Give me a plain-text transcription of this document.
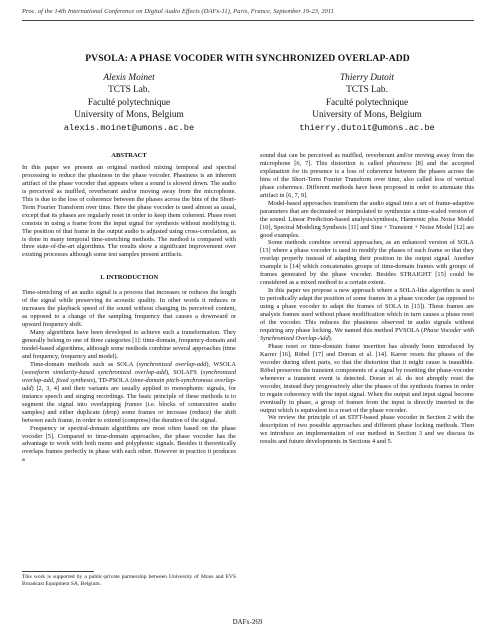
Proc. of the 14th International Conference on Digital Audio Effects (DAFx-11), Paris, France, September 19-23, 2011
PVSOLA: A PHASE VOCODER WITH SYNCHRONIZED OVERLAP-ADD
Alexis Moinet
TCTS Lab.
Faculté polytechnique
University of Mons, Belgium
alexis.moinet@umons.ac.be
Thierry Dutoit
TCTS Lab.
Faculté polytechnique
University of Mons, Belgium
thierry.dutoit@umons.ac.be

ABSTRACT

In this paper we present an original method mixing temporal and spectral processing to reduce the phasiness in the phase vocoder. Phasiness is an inherent artifact of the phase vocoder that appears when a sound is slowed down. The audio is perceived as muffled, reverberant and/or moving away from the microphone. This is due to the loss of coherence between the phases across the bins of the Short-Term Fourier Transform over time. Here the phase vocoder is used almost as usual, except that its phases are regularly reset in order to keep them coherent. Phase reset consists in using a frame from the input signal for synthesis without modifying it. The position of that frame in the output audio is adjusted using cross-correlation, as is done in many temporal time-stretching methods. The method is compared with three state-of-the-art algorithms. The results show a significant improvement over existing processes although some test samples present artifacts.

1. INTRODUCTION

Time-stretching of an audio signal is a process that increases or reduces the length of the signal while preserving its acoustic quality. In other words it reduces or increases the playback speed of the sound without changing its perceived content, as opposed to a change of the sampling frequency that causes a downward or upward frequency shift.

Many algorithms have been developed to achieve such a transformation. They generally belong to one of three categories [1]: time-domain, frequency-domain and model-based algorithms, although some methods combine several approaches (time and frequency, frequency and model).

Time-domain methods such as SOLA (synchronized overlap-add), WSOLA (waveform similarity-based synchronized overlap-add), SOLAFS (synchronized overlap-add, fixed synthesis), TD-PSOLA (time-domain pitch-synchronous overlap-add) [2, 3, 4] and their variants are usually applied to monophonic signals, for instance speech and singing recordings. The basic principle of these methods is to segment the signal into overlapping frames (i.e. blocks of consecutive audio samples) and either duplicate (drop) some frames or increase (reduce) the shift between each frame, in order to extend (compress) the duration of the signal.

Frequency or spectral-domain algorithms are most often based on the phase vocoder [5]. Compared to time-domain approaches, the phase vocoder has the advantage to work with both mono and polyphonic signals. Besides it theoretically overlaps frames perfectly in phase with each other. However in practice it produces a

This work is supported by a public-private partnership between University of Mons and EVS Broadcast Equipment SA, Belgium.

sound that can be perceived as muffled, reverberant and/or moving away from the microphone [6, 7]. This distortion is called phasiness [8] and the accepted explanation for its presence is a loss of coherence between the phases across the bins of the Short-Term Fourier Transform over time, also called loss of vertical phase coherence. Different methods have been proposed in order to attenuate this artifact in [6, 7, 9].

Model-based approaches transform the audio signal into a set of frame-adaptive parameters that are decimated or interpolated to synthesize a time-scaled version of the sound. Linear Prediction-based analysis/synthesis, Harmonic plus Noise Model [10], Spectral Modeling Synthesis [11] and Sine + Transient + Noise Model [12] are good examples.

Some methods combine several approaches, as an enhanced version of SOLA [13] where a phase vocoder is used to modify the phases of each frame so that they overlap properly instead of adapting their position in the output signal. Another example is [14] which concatenates groups of time-domain frames with groups of frames generated by the phase vocoder. Besides STRAIGHT [15] could be considered as a mixed method to a certain extent.

In this paper we propose a new approach where a SOLA-like algorithm is used to periodically adapt the position of some frames in a phase vocoder (as opposed to using a phase vocoder to adapt the frames of SOLA in [13]). These frames are analysis frames used without phase modification which in turn causes a phase reset of the vocoder. This reduces the phasiness observed in audio signals without requiring any phase locking. We named this method PVSOLA (Phase Vocoder with Synchronized Overlap-Add).

Phase reset or time-domain frame insertion has already been introduced by Karrer [16], Röbel [17] and Dorran et al. [14]. Karrer resets the phases of the vocoder during silent parts, so that the distortion that it might cause is inaudible. Röbel preserves the transient components of a signal by resetting the phase-vocoder whenever a transient event is detected. Doran et al. do not abruptly reset the vocoder, instead they progressively alter the phases of the synthesis frames in order to regain coherency with the input signal. When the output and input signal become eventually in phase, a group of frames from the input is directly inserted in the output which is equivalent to a reset of the phase vocoder.

We review the principle of an STFT-based phase vocoder in Section 2 with the description of two possible approaches and different phase locking methods. Then we introduce an implementation of our method in Section 3 and we discuss its results and future developments in Sections 4 and 5.

DAFx-269
